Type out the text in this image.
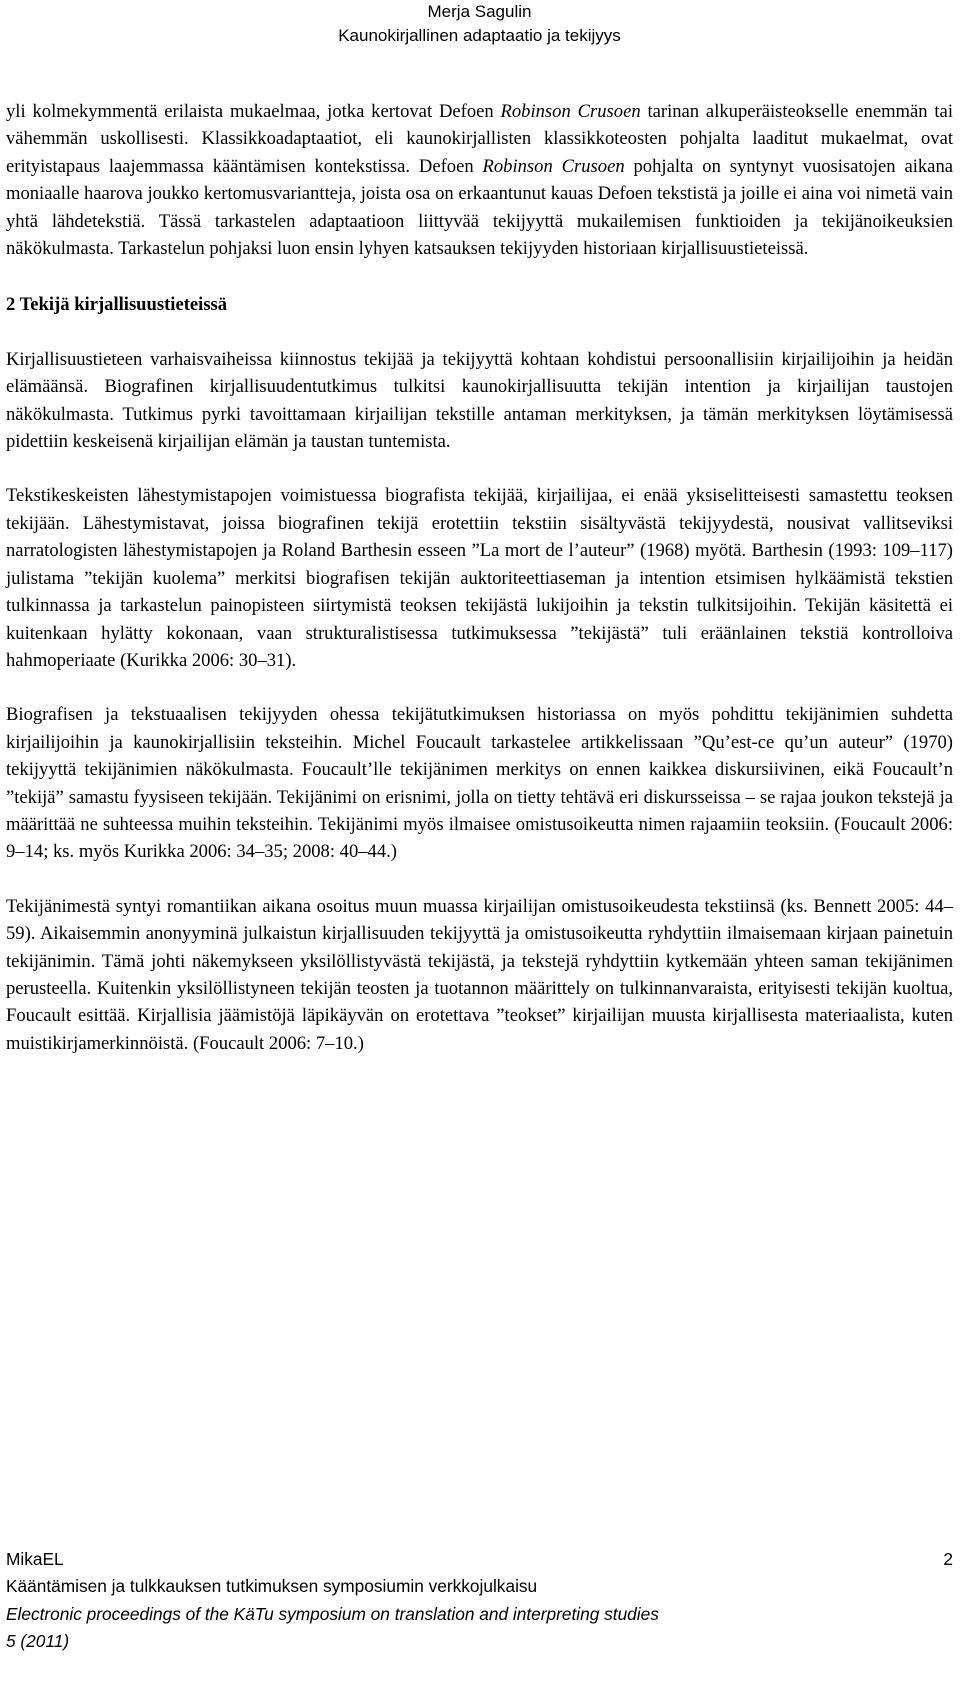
Merja Sagulin
Kaunokirjallinen adaptaatio ja tekijyys

yli kolmekymmentä erilaista mukaelmaa, jotka kertovat Defoen Robinson Crusoen tarinan alkuperäisteokselle enemmän tai vähemmän uskollisesti. Klassikkoadaptaatiot, eli kaunokirjallisten klassikkoteosten pohjalta laaditut mukaelmat, ovat erityistapaus laajemmassa kääntämisen kontekstissa. Defoen Robinson Crusoen pohjalta on syntynyt vuosisatojen aikana moniaalle haarova joukko kertomusvariantteja, joista osa on erkaantunut kauas Defoen tekstistä ja joille ei aina voi nimetä vain yhtä lähdetekstiä. Tässä tarkastelen adaptaatioon liittyvää tekijyyttä mukailemisen funktioiden ja tekijänoikeuksien näkökulmasta. Tarkastelun pohjaksi luon ensin lyhyen katsauksen tekijyyden historiaan kirjallisuustieteissä.

2 Tekijä kirjallisuustieteissä

Kirjallisuustieteen varhaisvaiheissa kiinnostus tekijää ja tekijyyttä kohtaan kohdistui persoonallisiin kirjailijoihin ja heidän elämäänsä. Biografinen kirjallisuudentutkimus tulkitsi kaunokirjallisuutta tekijän intention ja kirjailijan taustojen näkökulmasta. Tutkimus pyrki tavoittamaan kirjailijan tekstille antaman merkityksen, ja tämän merkityksen löytämisessä pidettiin keskeisenä kirjailijan elämän ja taustan tuntemista.

Tekstikeskeisten lähestymistapojen voimistuessa biografista tekijää, kirjailijaa, ei enää yksiselitteisesti samastettu teoksen tekijään. Lähestymistavat, joissa biografinen tekijä erotettiin tekstiin sisältyvästä tekijyydestä, nousivat vallitseviksi narratologisten lähestymistapojen ja Roland Barthesin esseen ”La mort de l’auteur” (1968) myötä. Barthesin (1993: 109–117) julistama ”tekijän kuolema” merkitsi biografisen tekijän auktoriteettiaseman ja intention etsimisen hylkäämistä tekstien tulkinnassa ja tarkastelun painopisteen siirtymistä teoksen tekijästä lukijoihin ja tekstin tulkitsijoihin. Tekijän käsitettä ei kuitenkaan hylätty kokonaan, vaan strukturalistisessa tutkimuksessa ”tekijästä” tuli eräänlainen tekstiä kontrolloiva hahmoperiaate (Kurikka 2006: 30–31).

Biografisen ja tekstuaalisen tekijyyden ohessa tekijätutkimuksen historiassa on myös pohdittu tekijänimien suhdetta kirjailijoihin ja kaunokirjallisiin teksteihin. Michel Foucault tarkastelee artikkelissaan ”Qu’est-ce qu’un auteur” (1970) tekijyyttä tekijänimien näkökulmasta. Foucault’lle tekijänimen merkitys on ennen kaikkea diskursiivinen, eikä Foucault’n ”tekijä” samastu fyysiseen tekijään. Tekijänimi on erisnimi, jolla on tietty tehtävä eri diskursseissa – se rajaa joukon tekstejä ja määrittää ne suhteessa muihin teksteihin. Tekijänimi myös ilmaisee omistusoikeutta nimen rajaamiin teoksiin. (Foucault 2006: 9–14; ks. myös Kurikka 2006: 34–35; 2008: 40–44.)

Tekijänimestä syntyi romantiikan aikana osoitus muun muassa kirjailijan omistusoikeudesta tekstiinsä (ks. Bennett 2005: 44–59). Aikaisemmin anonyyminä julkaistun kirjallisuuden tekijyyttä ja omistusoikeutta ryhdyttiin ilmaisemaan kirjaan painetuin tekijänimin. Tämä johti näkemykseen yksilöllistyvästä tekijästä, ja tekstejä ryhdyttiin kytkemään yhteen saman tekijänimen perusteella. Kuitenkin yksilöllistyneen tekijän teosten ja tuotannon määrittely on tulkinnanvaraista, erityisesti tekijän kuoltua, Foucault esittää. Kirjallisia jäämistöjä läpikäyvän on erotettava ”teokset” kirjailijan muusta kirjallisesta materiaalista, kuten muistikirjamerkinnöistä. (Foucault 2006: 7–10.)

MikaEL	2
Kääntämisen ja tulkkauksen tutkimuksen symposiumin verkkojulkaisu
Electronic proceedings of the KäTu symposium on translation and interpreting studies
5 (2011)
